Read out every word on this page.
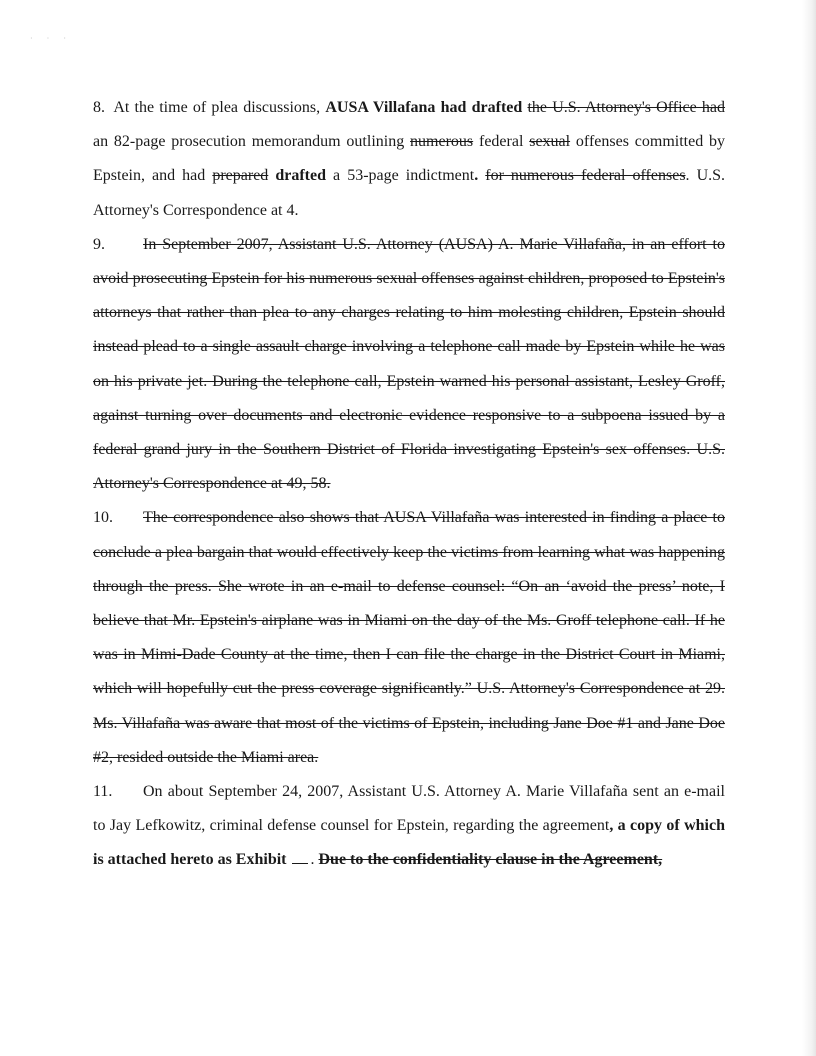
· · ·

8. At the time of plea discussions, AUSA Villafana had drafted the U.S. Attorney's Office had an 82-page prosecution memorandum outlining numerous federal sexual offenses committed by Epstein, and had prepared drafted a 53-page indictment. for numerous federal offenses. U.S. Attorney's Correspondence at 4.

9. In September 2007, Assistant U.S. Attorney (AUSA) A. Marie Villafaña, in an effort to avoid prosecuting Epstein for his numerous sexual offenses against children, proposed to Epstein's attorneys that rather than plea to any charges relating to him molesting children, Epstein should instead plead to a single assault charge involving a telephone call made by Epstein while he was on his private jet. During the telephone call, Epstein warned his personal assistant, Lesley Groff, against turning over documents and electronic evidence responsive to a subpoena issued by a federal grand jury in the Southern District of Florida investigating Epstein's sex offenses. U.S. Attorney's Correspondence at 49, 58.

10. The correspondence also shows that AUSA Villafaña was interested in finding a place to conclude a plea bargain that would effectively keep the victims from learning what was happening through the press. She wrote in an e-mail to defense counsel: “On an ‘avoid the press’ note, I believe that Mr. Epstein's airplane was in Miami on the day of the Ms. Groff telephone call. If he was in Mimi-Dade County at the time, then I can file the charge in the District Court in Miami, which will hopefully cut the press coverage significantly.” U.S. Attorney's Correspondence at 29. Ms. Villafaña was aware that most of the victims of Epstein, including Jane Doe #1 and Jane Doe #2, resided outside the Miami area.

11. On about September 24, 2007, Assistant U.S. Attorney A. Marie Villafaña sent an e-mail to Jay Lefkowitz, criminal defense counsel for Epstein, regarding the agreement, a copy of which is attached hereto as Exhibit . Due to the confidentiality clause in the Agreement,
